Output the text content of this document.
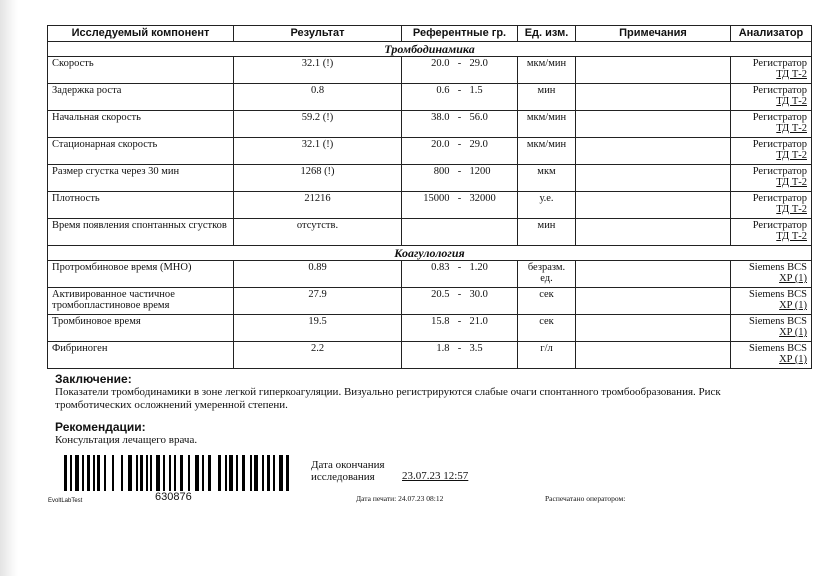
Исследуемый компонент	Результат	Референтные гр.	Ед. изм.	Примечания	Анализатор
Тромбодинамика					
Скорость	32.1 (!)	20.0 - 29.0	мкм/мин		Регистратор
ТД Т-2

Задержка роста	0.8	0.6 - 1.5	мин		Регистратор
ТД Т-2

Начальная скорость	59.2 (!)	38.0 - 56.0	мкм/мин		Регистратор
ТД Т-2

Стационарная скорость	32.1 (!)	20.0 - 29.0	мкм/мин		Регистратор
ТД Т-2

Размер сгустка через 30 мин	1268 (!)	800 - 1200	мкм		Регистратор
ТД Т-2

Плотность	21216	15000 - 32000	у.е.		Регистратор
ТД Т-2

Время появления спонтанных сгустков	отсутств.		мин		Регистратор
ТД Т-2

Коагулология					
Протромбиновое время (МНО)	0.89	0.83 - 1.20	безразм. ед.		Siemens BCS
XP (1)

Активированное частичное тромбопластиновое время	27.9	20.5 - 30.0	сек		Siemens BCS
XP (1)

Тромбиновое время	19.5	15.8 - 21.0	сек		Siemens BCS
XP (1)

Фибриноген	2.2	1.8 - 3.5	г/л		Siemens BCS
XP (1)
Заключение:
Показатели тромбодинамики в зоне легкой гиперкоагуляции. Визуально регистрируются слабые очаги спонтанного тромбообразования. Риск тромботических осложнений умеренной степени.
Рекомендации:
Консультация лечащего врача.
EvoltLabTest	630876
Дата окончания
исследования	23.07.23 12:57
Дата печати: 24.07.23 08:12	Распечатано оператором:
